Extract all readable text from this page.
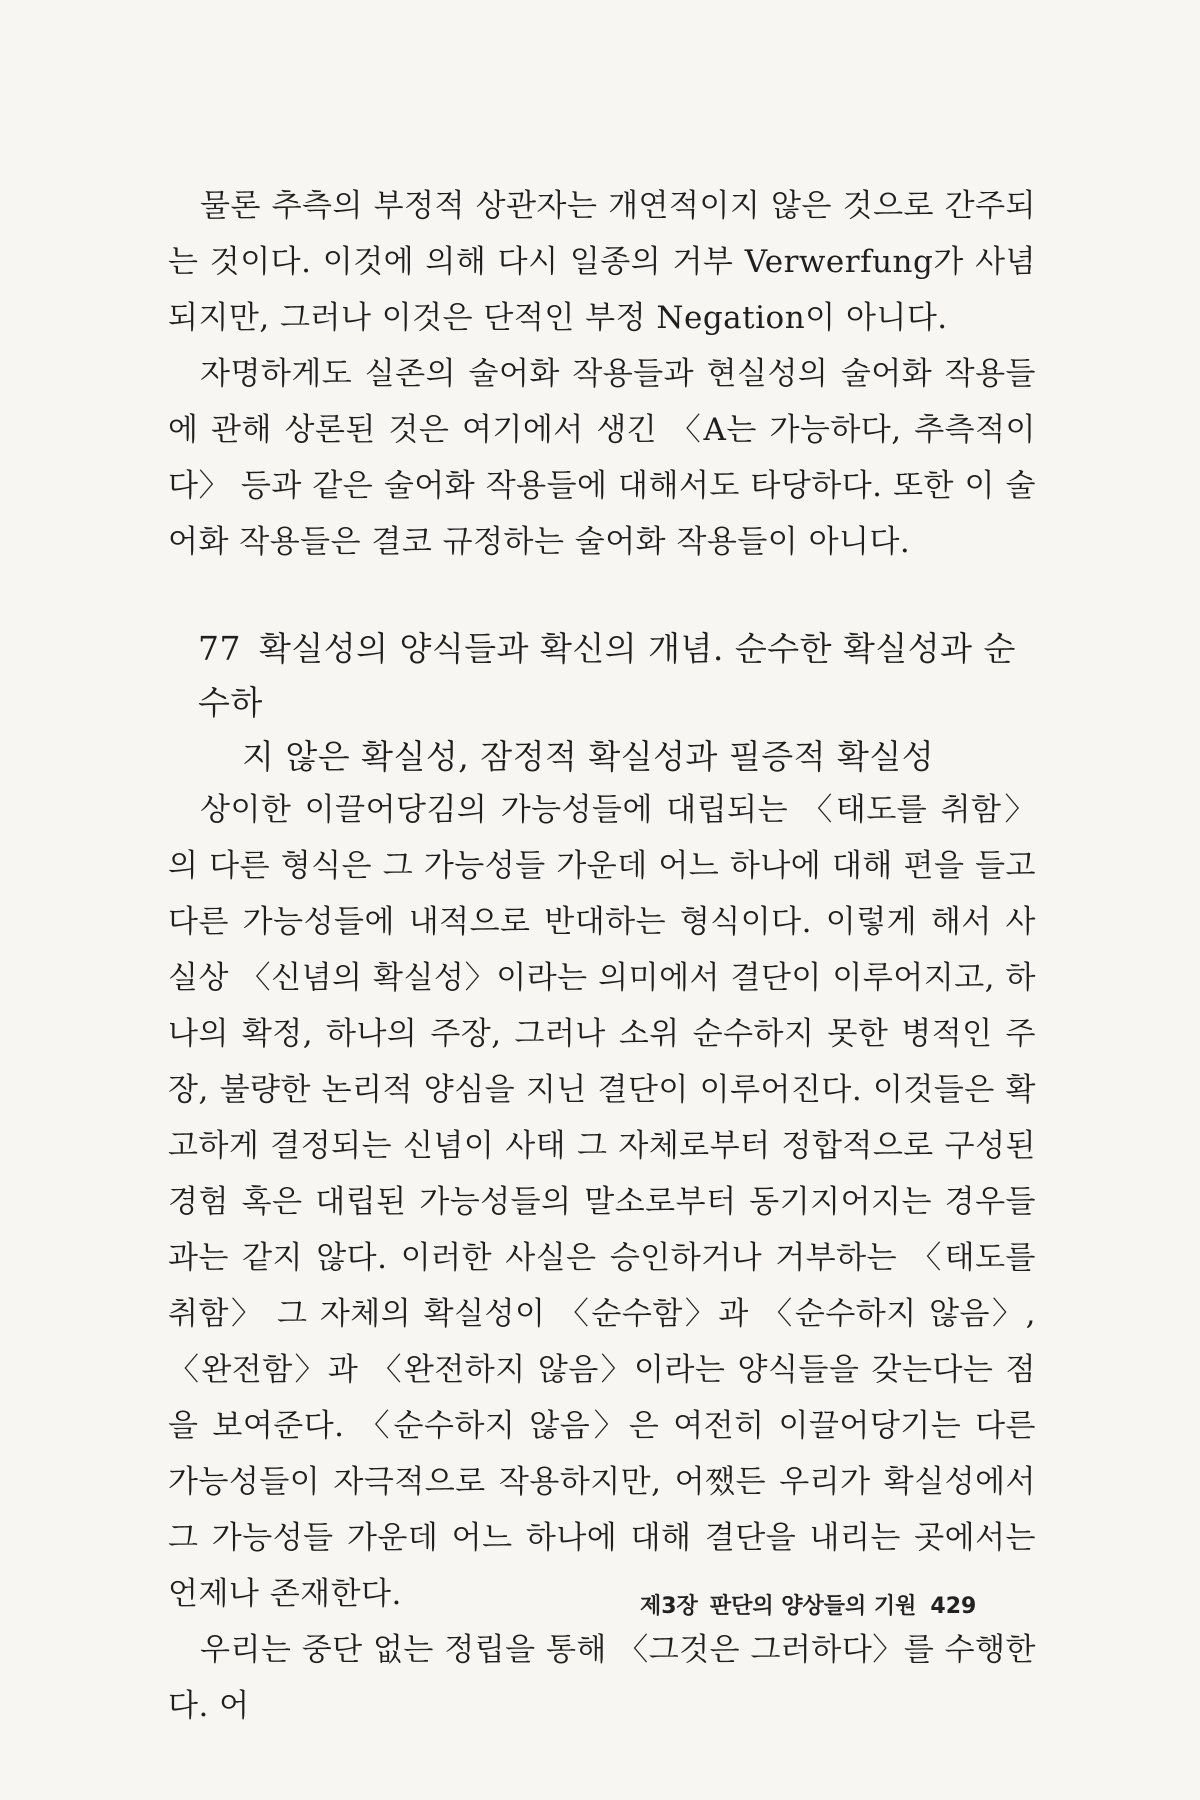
물론 추측의 부정적 상관자는 개연적이지 않은 것으로 간주되는 것이다. 이것에 의해 다시 일종의 거부 Verwerfung가 사념되지만, 그러나 이것은 단적인 부정 Negation이 아니다.

자명하게도 실존의 술어화 작용들과 현실성의 술어화 작용들에 관해 상론된 것은 여기에서 생긴 〈A는 가능하다, 추측적이다〉 등과 같은 술어화 작용들에 대해서도 타당하다. 또한 이 술어화 작용들은 결코 규정하는 술어화 작용들이 아니다.

77 확실성의 양식들과 확신의 개념. 순수한 확실성과 순수하
지 않은 확실성, 잠정적 확실성과 필증적 확실성

상이한 이끌어당김의 가능성들에 대립되는 〈태도를 취함〉의 다른 형식은 그 가능성들 가운데 어느 하나에 대해 편을 들고 다른 가능성들에 내적으로 반대하는 형식이다. 이렇게 해서 사실상 〈신념의 확실성〉이라는 의미에서 결단이 이루어지고, 하나의 확정, 하나의 주장, 그러나 소위 순수하지 못한 병적인 주장, 불량한 논리적 양심을 지닌 결단이 이루어진다. 이것들은 확고하게 결정되는 신념이 사태 그 자체로부터 정합적으로 구성된 경험 혹은 대립된 가능성들의 말소로부터 동기지어지는 경우들과는 같지 않다. 이러한 사실은 승인하거나 거부하는 〈태도를 취함〉 그 자체의 확실성이 〈순수함〉과 〈순수하지 않음〉, 〈완전함〉과 〈완전하지 않음〉이라는 양식들을 갖는다는 점을 보여준다. 〈순수하지 않음〉은 여전히 이끌어당기는 다른 가능성들이 자극적으로 작용하지만, 어쨌든 우리가 확실성에서 그 가능성들 가운데 어느 하나에 대해 결단을 내리는 곳에서는 언제나 존재한다.

우리는 중단 없는 정립을 통해 〈그것은 그러하다〉를 수행한다. 어

제3장 판단의 양상들의 기원 429
